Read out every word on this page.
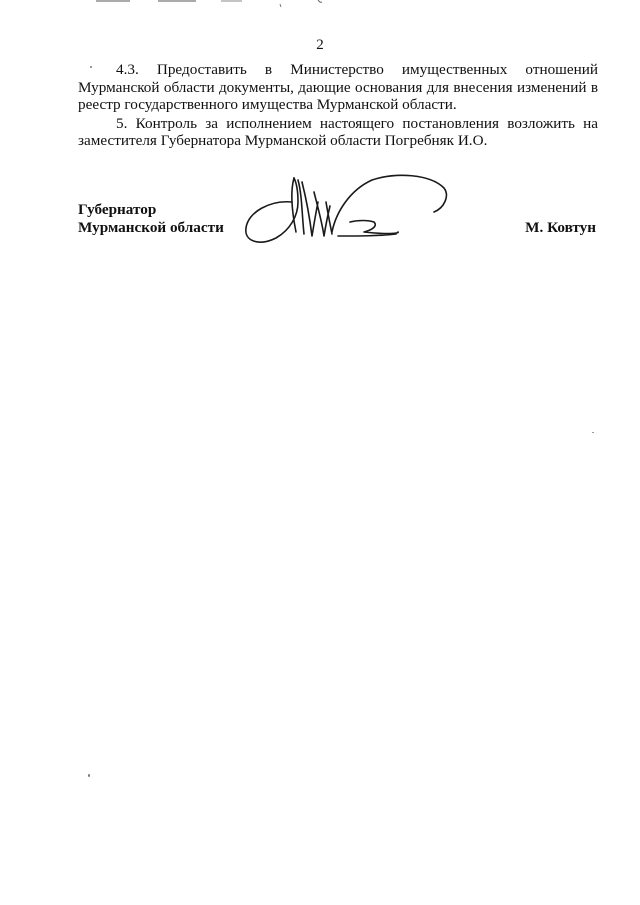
2

4.3. Предоставить в Министерство имущественных отношений Мурманской области документы, дающие основания для внесения изменений в реестр государственного имущества Мурманской области.

5. Контроль за исполнением настоящего постановления возложить на заместителя Губернатора Мурманской области Погребняк И.О.

Губернатор
Мурманской области	М. Ковтун
